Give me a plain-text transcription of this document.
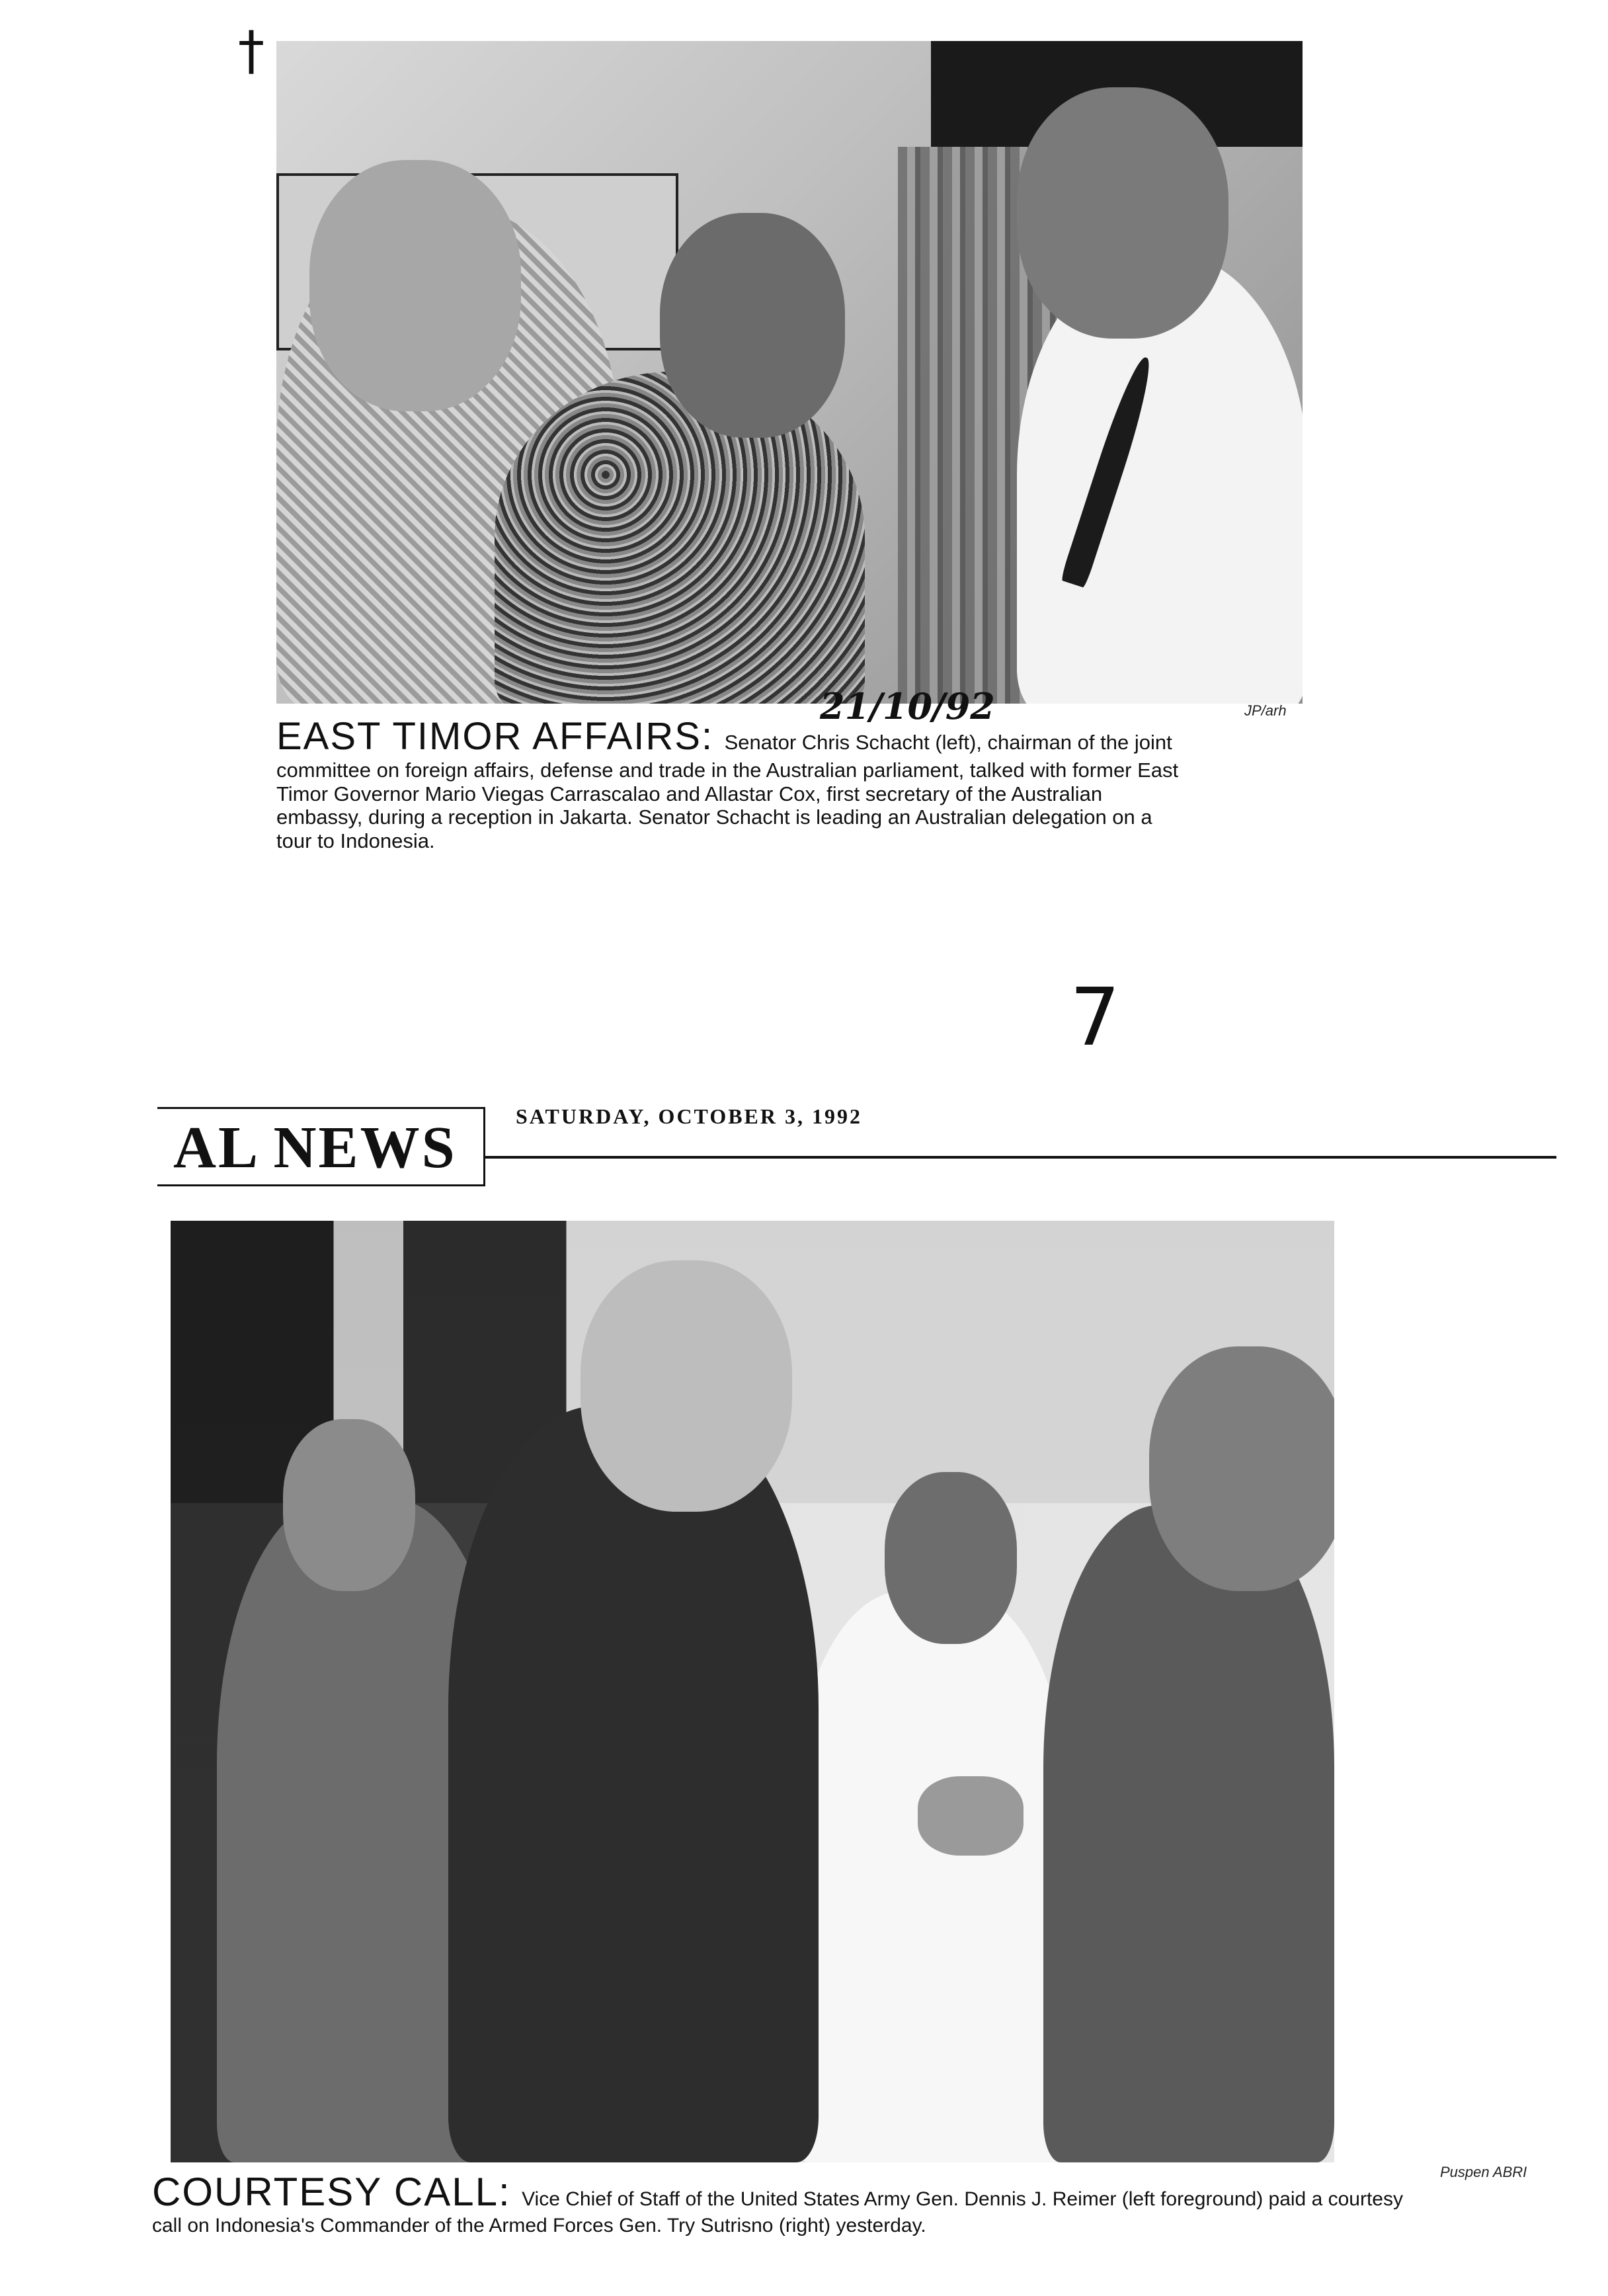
†
JP/arh
21/10/92
EAST TIMOR AFFAIRS: Senator Chris Schacht (left), chairman of the joint
committee on foreign affairs, defense and trade in the Australian parliament, talked with former East
Timor Governor Mario Viegas Carrascalao and Allastar Cox, first secretary of the Australian
embassy, during a reception in Jakarta. Senator Schacht is leading an Australian delegation on a
tour to Indonesia.
7
AL NEWS	SATURDAY, OCTOBER 3, 1992
Puspen ABRI
COURTESY CALL: Vice Chief of Staff of the United States Army Gen. Dennis J. Reimer (left foreground) paid a courtesy
call on Indonesia's Commander of the Armed Forces Gen. Try Sutrisno (right) yesterday.
